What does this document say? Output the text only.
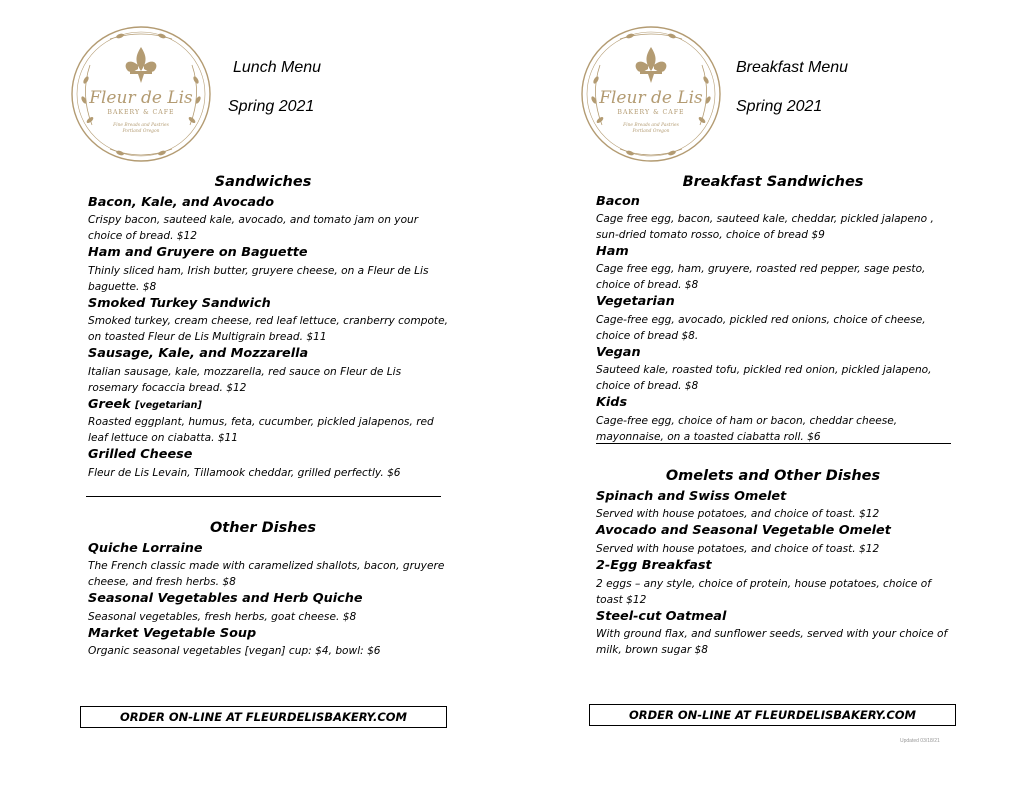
Fleur de Lis
BAKERY & CAFE
Fine Breads and Pastries
Portland Oregon
Lunch Menu
Spring 2021
Sandwiches
Bacon, Kale, and Avocado
Crispy bacon, sauteed kale, avocado, and tomato jam on your
choice of bread. $12
Ham and Gruyere on Baguette
Thinly sliced ham, Irish butter, gruyere cheese, on a Fleur de Lis
baguette. $8
Smoked Turkey Sandwich
Smoked turkey, cream cheese, red leaf lettuce, cranberry compote,
on toasted Fleur de Lis Multigrain bread. $11
Sausage, Kale, and Mozzarella
Italian sausage, kale, mozzarella, red sauce on Fleur de Lis
rosemary focaccia bread. $12
Greek [vegetarian]
Roasted eggplant, humus, feta, cucumber, pickled jalapenos, red
leaf lettuce on ciabatta. $11
Grilled Cheese
Fleur de Lis Levain, Tillamook cheddar, grilled perfectly. $6
Other Dishes
Quiche Lorraine
The French classic made with caramelized shallots, bacon, gruyere
cheese, and fresh herbs. $8
Seasonal Vegetables and Herb Quiche
Seasonal vegetables, fresh herbs, goat cheese. $8
Market Vegetable Soup
Organic seasonal vegetables [vegan] cup: $4, bowl: $6
ORDER ON-LINE AT FLEURDELISBAKERY.COM
Fleur de Lis
BAKERY & CAFE
Fine Breads and Pastries
Portland Oregon
Breakfast Menu
Spring 2021
Breakfast Sandwiches
Bacon
Cage free egg, bacon, sauteed kale, cheddar, pickled jalapeno ,
sun-dried tomato rosso, choice of bread $9
Ham
Cage free egg, ham, gruyere, roasted red pepper, sage pesto,
choice of bread. $8
Vegetarian
Cage-free egg, avocado, pickled red onions, choice of cheese,
choice of bread $8.
Vegan
Sauteed kale, roasted tofu, pickled red onion, pickled jalapeno,
choice of bread. $8
Kids
Cage-free egg, choice of ham or bacon, cheddar cheese,
mayonnaise, on a toasted ciabatta roll. $6
Omelets and Other Dishes
Spinach and Swiss Omelet
Served with house potatoes, and choice of toast. $12
Avocado and Seasonal Vegetable Omelet
Served with house potatoes, and choice of toast. $12
2-Egg Breakfast
2 eggs – any style, choice of protein, house potatoes, choice of
toast $12
Steel-cut Oatmeal
With ground flax, and sunflower seeds, served with your choice of
milk, brown sugar $8
ORDER ON-LINE AT FLEURDELISBAKERY.COM
Updated 03/18/21
